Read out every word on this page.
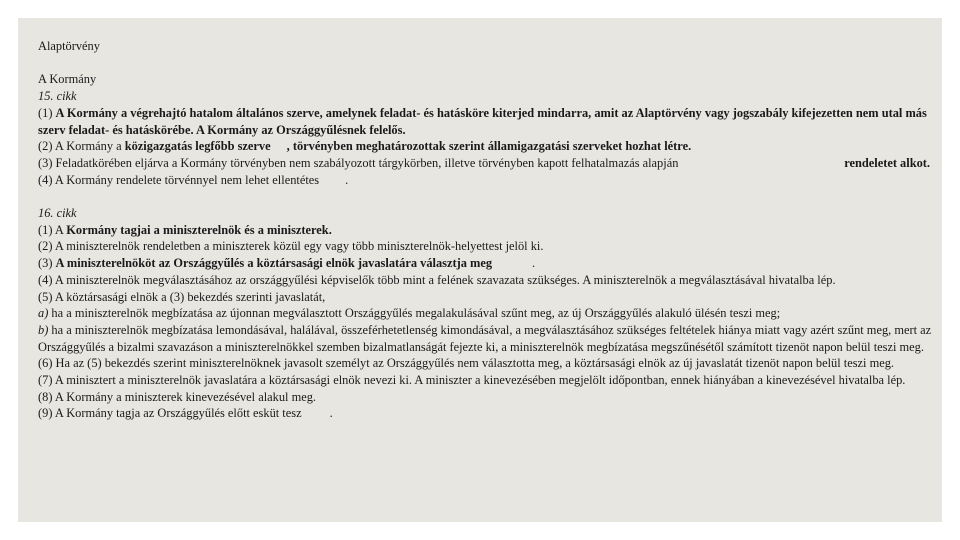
Alaptörvény

A Kormány

15. cikk

(1) A Kormány a végrehajtó hatalom általános szerve, amelynek feladat- és hatásköre kiterjed mindarra, amit az Alaptörvény vagy jogszabály kifejezetten nem utal más szerv feladat- és hatáskörébe. A Kormány az Országgyűlésnek felelős.

(2) A Kormány a közigazgatás legfőbb szerve , törvényben meghatározottak szerint államigazgatási szerveket hozhat létre.

(3) Feladatkörében eljárva a Kormány törvényben nem szabályozott tárgykörben, illetve törvényben kapott felhatalmazás alapján	rendeletet alkot.

(4) A Kormány rendelete törvénnyel nem lehet ellentétes .

16. cikk

(1) A Kormány tagjai a miniszterelnök és a miniszterek.

(2) A miniszterelnök rendeletben a miniszterek közül egy vagy több miniszterelnök-helyettest jelöl ki.

(3) A miniszterelnököt az Országgyűlés a köztársasági elnök javaslatára választja meg	.

(4) A miniszterelnök megválasztásához az országgyűlési képviselők több mint a felének szavazata szükséges. A miniszterelnök a megválasztásával hivatalba lép.

(5) A köztársasági elnök a (3) bekezdés szerinti javaslatát,

a) ha a miniszterelnök megbízatása az újonnan megválasztott Országgyűlés megalakulásával szűnt meg, az új Országgyűlés alakuló ülésén teszi meg;

b) ha a miniszterelnök megbízatása lemondásával, halálával, összeférhetetlenség kimondásával, a megválasztásához szükséges feltételek hiánya miatt vagy azért szűnt meg, mert az Országgyűlés a bizalmi szavazáson a miniszterelnökkel szemben bizalmatlanságát fejezte ki, a miniszterelnök megbízatása megszűnésétől számított tizenöt napon belül teszi meg.

(6) Ha az (5) bekezdés szerint miniszterelnöknek javasolt személyt az Országgyűlés nem választotta meg, a köztársasági elnök az új javaslatát tizenöt napon belül teszi meg.

(7) A minisztert a miniszterelnök javaslatára a köztársasági elnök nevezi ki. A miniszter a kinevezésében megjelölt időpontban, ennek hiányában a kinevezésével hivatalba lép.

(8) A Kormány a miniszterek kinevezésével alakul meg.

(9) A Kormány tagja az Országgyűlés előtt esküt tesz .
